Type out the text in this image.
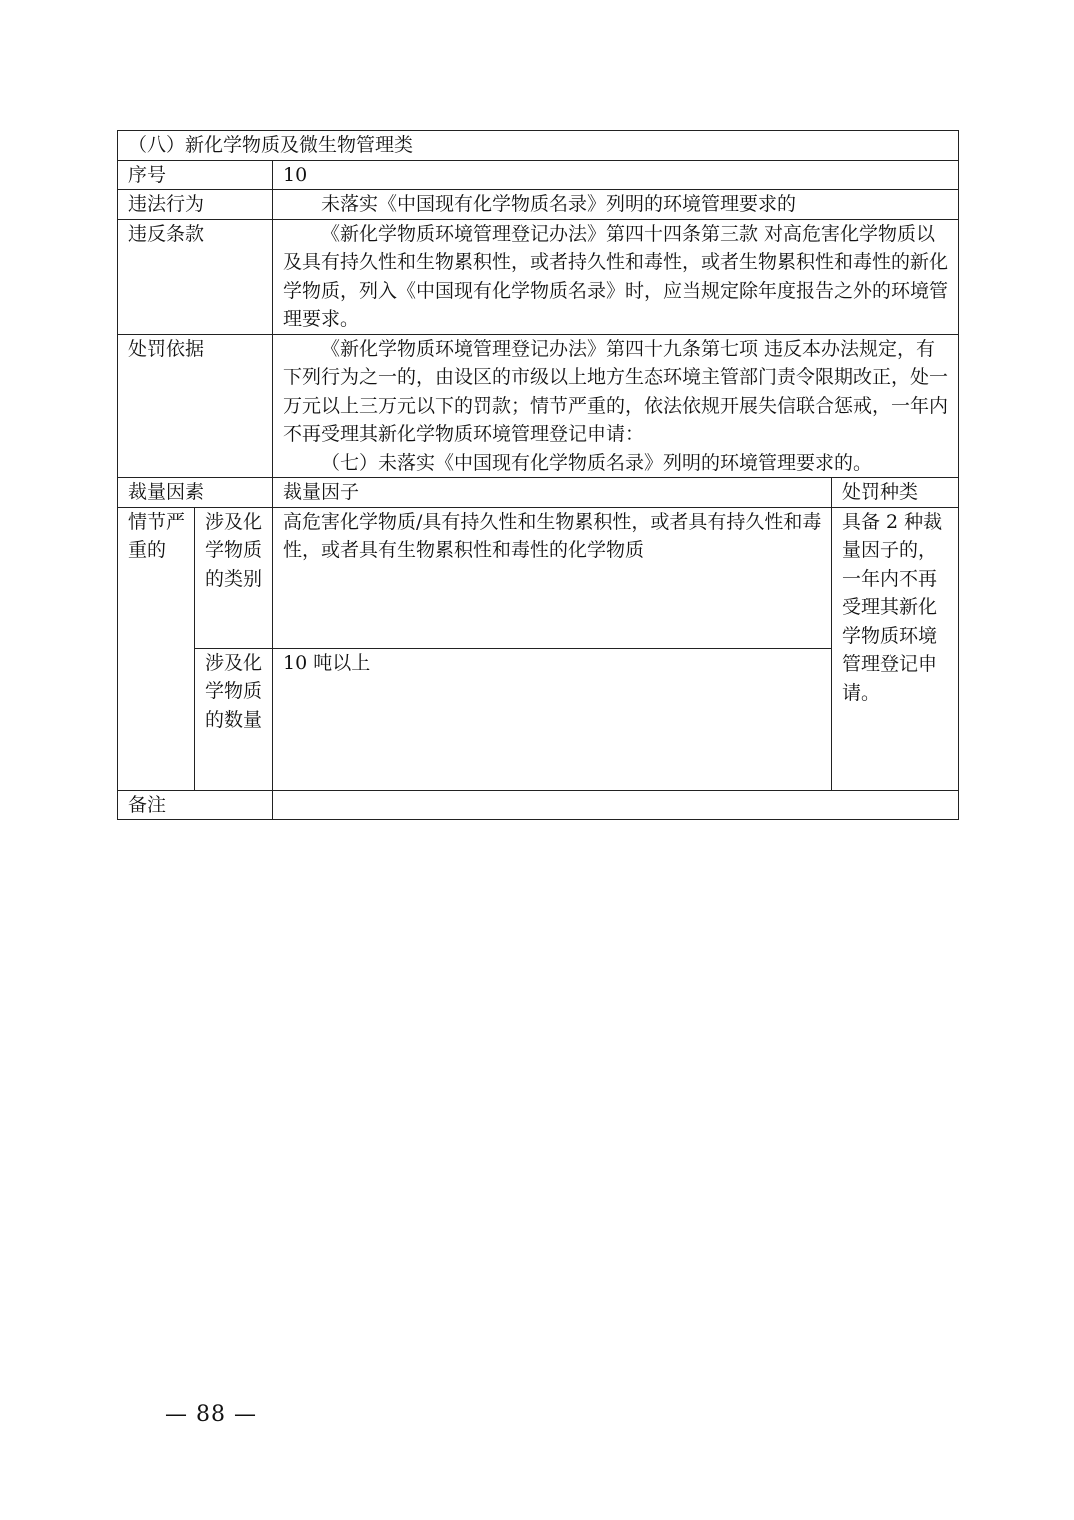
（八）新化学物质及微生物管理类			
序号		10	
违法行为		未落实《中国现有化学物质名录》列明的环境管理要求的	

违反条款		《新化学物质环境管理登记办法》第四十四条第三款 对高危害化学物质以及具有持久性和生物累积性，或者持久性和毒性，或者生物累积性和毒性的新化学物质，列入《中国现有化学物质名录》时，应当规定除年度报告之外的环境管理要求。	

处罚依据		《新化学物质环境管理登记办法》第四十九条第七项 违反本办法规定，有下列行为之一的，由设区的市级以上地方生态环境主管部门责令限期改正，处一万元以上三万元以下的罚款；情节严重的，依法依规开展失信联合惩戒，一年内不再受理其新化学物质环境管理登记申请：
（七）未落实《中国现有化学物质名录》列明的环境管理要求的。	

裁量因素		裁量因子	处罚种类
情节严重的	涉及化学物质的类别	高危害化学物质/具有持久性和生物累积性，或者具有持久性和毒性，或者具有生物累积性和毒性的化学物质	具备 2 种裁量因子的，一年内不再受理其新化学物质环境管理登记申请。
	涉及化学物质的数量	10 吨以上	
备注			
— 88 —
